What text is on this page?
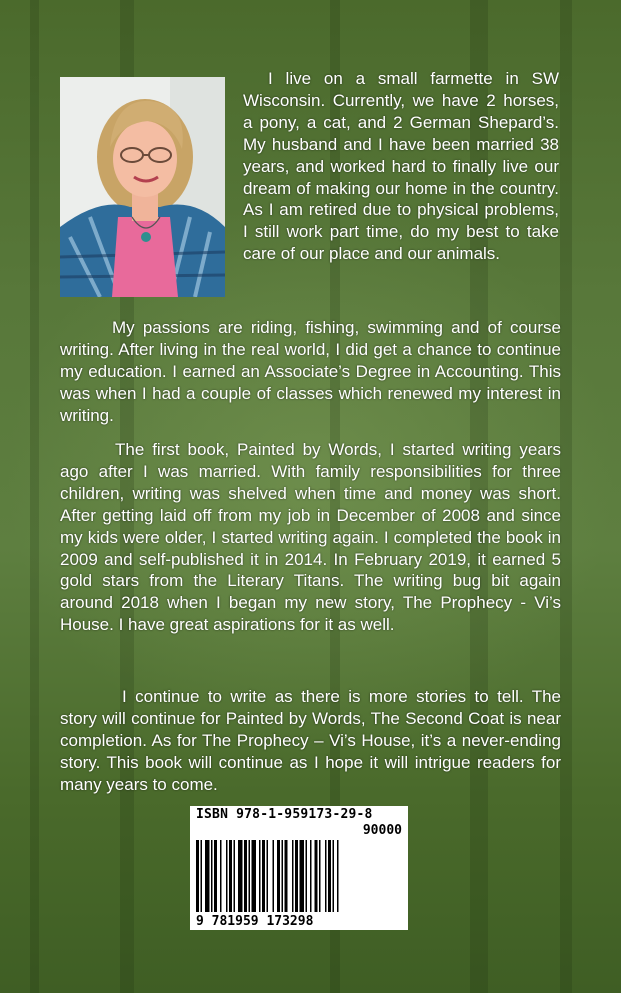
I live on a small farmette in SW Wisconsin. Currently, we have 2 horses, a pony, a cat, and 2 German Shepard’s. My husband and I have been married 38 years, and worked hard to finally live our dream of making our home in the country. As I am retired due to physical problems, I still work part time, do my best to take care of our place and our animals.

My passions are riding, fishing, swimming and of course writing. After living in the real world, I did get a chance to continue my education. I earned an Associate’s Degree in Accounting. This was when I had a couple of classes which renewed my interest in writing.

The first book, Painted by Words, I started writing years ago after I was married. With family responsibilities for three children, writing was shelved when time and money was short. After getting laid off from my job in December of 2008 and since my kids were older, I started writing again. I completed the book in 2009 and self-published it in 2014. In February 2019, it earned 5 gold stars from the Literary Titans. The writing bug bit again around 2018 when I began my new story, The Prophecy - Vi’s House. I have great aspirations for it as well.

I continue to write as there is more stories to tell. The story will continue for Painted by Words, The Second Coat is near completion. As for The Prophecy – Vi’s House, it’s a never-ending story. This book will continue as I hope it will intrigue readers for many years to come.

ISBN 978-1-959173-29-8
90000
9 781959 173298
